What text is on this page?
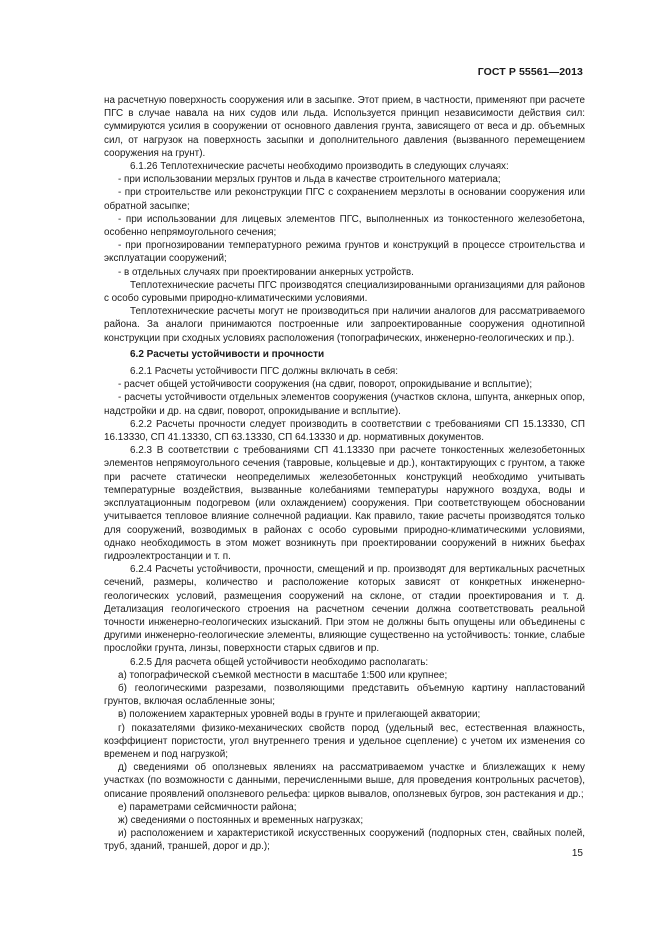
ГОСТ Р 55561—2013

на расчетную поверхность сооружения или в засыпке. Этот прием, в частности, применяют при расчете ПГС в случае навала на них судов или льда. Используется принцип независимости действия сил: суммируются усилия в сооружении от основного давления грунта, зависящего от веса и др. объемных сил, от нагрузок на поверхность засыпки и дополнительного давления (вызванного перемещением сооружения на грунт).

6.1.26 Теплотехнические расчеты необходимо производить в следующих случаях:

- при использовании мерзлых грунтов и льда в качестве строительного материала;

- при строительстве или реконструкции ПГС с сохранением мерзлоты в основании сооружения или обратной засыпке;

- при использовании для лицевых элементов ПГС, выполненных из тонкостенного железобетона, особенно непрямоугольного сечения;

- при прогнозировании температурного режима грунтов и конструкций в процессе строительства и эксплуатации сооружений;

- в отдельных случаях при проектировании анкерных устройств.

Теплотехнические расчеты ПГС производятся специализированными организациями для районов с особо суровыми природно-климатическими условиями.

Теплотехнические расчеты могут не производиться при наличии аналогов для рассматриваемого района. За аналоги принимаются построенные или запроектированные сооружения однотипной конструкции при сходных условиях расположения (топографических, инженерно-геологических и пр.).

6.2 Расчеты устойчивости и прочности

6.2.1 Расчеты устойчивости ПГС должны включать в себя:

- расчет общей устойчивости сооружения (на сдвиг, поворот, опрокидывание и всплытие);

- расчеты устойчивости отдельных элементов сооружения (участков склона, шпунта, анкерных опор, надстройки и др. на сдвиг, поворот, опрокидывание и всплытие).

6.2.2 Расчеты прочности следует производить в соответствии с требованиями СП 15.13330, СП 16.13330, СП 41.13330, СП 63.13330, СП 64.13330 и др. нормативных документов.

6.2.3 В соответствии с требованиями СП 41.13330 при расчете тонкостенных железобетонных элементов непрямоугольного сечения (тавровые, кольцевые и др.), контактирующих с грунтом, а также при расчете статически неопределимых железобетонных конструкций необходимо учитывать температурные воздействия, вызванные колебаниями температуры наружного воздуха, воды и эксплуатационным подогревом (или охлаждением) сооружения. При соответствующем обосновании учитывается тепловое влияние солнечной радиации. Как правило, такие расчеты производятся только для сооружений, возводимых в районах с особо суровыми природно-климатическими условиями, однако необходимость в этом может возникнуть при проектировании сооружений в нижних бьефах гидроэлектростанции и т. п.

6.2.4 Расчеты устойчивости, прочности, смещений и пр. производят для вертикальных расчетных сечений, размеры, количество и расположение которых зависят от конкретных инженерно-геологических условий, размещения сооружений на склоне, от стадии проектирования и т. д. Детализация геологического строения на расчетном сечении должна соответствовать реальной точности инженерно-геологических изысканий. При этом не должны быть опущены или объединены с другими инженерно-геологические элементы, влияющие существенно на устойчивость: тонкие, слабые прослойки грунта, линзы, поверхности старых сдвигов и пр.

6.2.5 Для расчета общей устойчивости необходимо располагать:

а) топографической съемкой местности в масштабе 1:500 или крупнее;

б) геологическими разрезами, позволяющими представить объемную картину напластований грунтов, включая ослабленные зоны;

в) положением характерных уровней воды в грунте и прилегающей акватории;

г) показателями физико-механических свойств пород (удельный вес, естественная влажность, коэффициент пористости, угол внутреннего трения и удельное сцепление) с учетом их изменения со временем и под нагрузкой;

д) сведениями об оползневых явлениях на рассматриваемом участке и близлежащих к нему участках (по возможности с данными, перечисленными выше, для проведения контрольных расчетов), описание проявлений оползневого рельефа: цирков вывалов, оползневых бугров, зон растекания и др.;

е) параметрами сейсмичности района;

ж) сведениями о постоянных и временных нагрузках;

и) расположением и характеристикой искусственных сооружений (подпорных стен, свайных полей, труб, зданий, траншей, дорог и др.);

15
